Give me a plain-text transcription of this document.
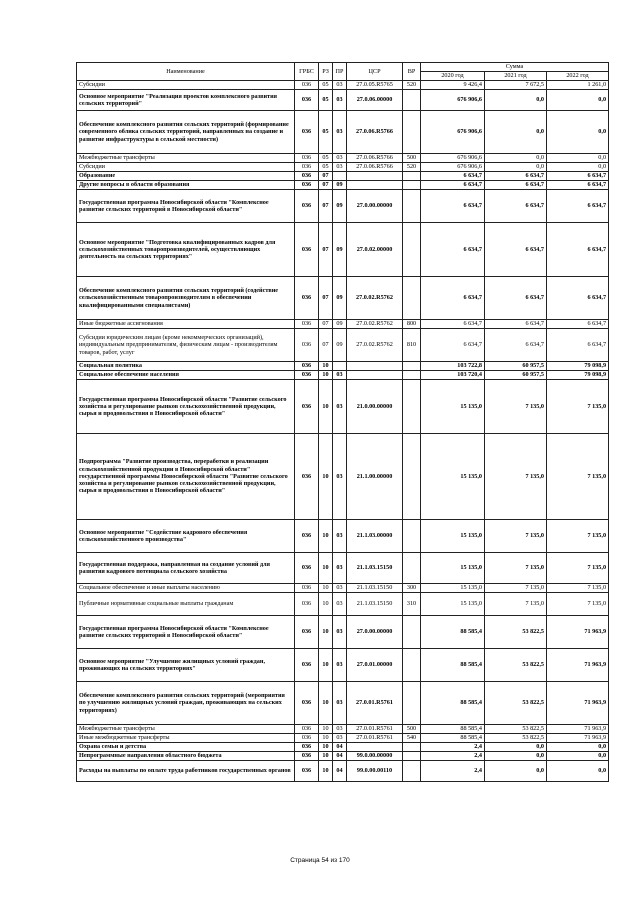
Наименование	ГРБС	РЗ	ПР	ЦСР	ВР	Сумма		
						2020 год	2021 год	2022 год
Субсидии	036	05	03	27.0.05.R5765	520	9 426,4	7 672,5	1 261,0
Основное мероприятие "Реализация проектов комплексного развития сельских территорий"	036	05	03	27.0.06.00000		676 906,6	0,0	0,0
Обеспечение комплексного развития сельских территорий (формирование современного облика сельских территорий, направленных на создание и развитие инфраструктуры в сельской местности)	036	05	03	27.0.06.R5766		676 906,6	0,0	0,0
Межбюджетные трансферты	036	05	03	27.0.06.R5766	500	676 906,6	0,0	0,0
Субсидии	036	05	03	27.0.06.R5766	520	676 906,6	0,0	0,0
Образование	036	07				6 634,7	6 634,7	6 634,7
Другие вопросы в области образования	036	07	09			6 634,7	6 634,7	6 634,7
Государственная программа Новосибирской области "Комплексное развитие сельских территорий в Новосибирской области"	036	07	09	27.0.00.00000		6 634,7	6 634,7	6 634,7
Основное мероприятие "Подготовка квалифицированных кадров для сельскохозяйственных товаропроизводителей, осуществляющих деятельность на сельских территориях"	036	07	09	27.0.02.00000		6 634,7	6 634,7	6 634,7
Обеспечение комплексного развития сельских территорий (содействие сельскохозяйственным товаропроизводителям в обеспечении квалифицированными специалистами)	036	07	09	27.0.02.R5762		6 634,7	6 634,7	6 634,7
Иные бюджетные ассигнования	036	07	09	27.0.02.R5762	800	6 634,7	6 634,7	6 634,7
Субсидии юридическим лицам (кроме некоммерческих организаций), индивидуальным предпринимателям, физическим лицам - производителям товаров, работ, услуг	036	07	09	27.0.02.R5762	810	6 634,7	6 634,7	6 634,7
Социальная политика	036	10				103 722,8	60 957,5	79 098,9
Социальное обеспечение населения	036	10	03			103 720,4	60 957,5	79 098,9
Государственная программа Новосибирской области "Развитие сельского хозяйства и регулирование рынков сельскохозяйственной продукции, сырья и продовольствия в Новосибирской области"	036	10	03	21.0.00.00000		15 135,0	7 135,0	7 135,0
Подпрограмма "Развитие производства, переработки и реализации сельскохозяйственной продукции в Новосибирской области" государственной программы Новосибирской области "Развитие сельского хозяйства и регулирование рынков сельскохозяйственной продукции, сырья и продовольствия в Новосибирской области"	036	10	03	21.1.00.00000		15 135,0	7 135,0	7 135,0
Основное мероприятие "Содействие кадрового обеспечения сельскохозяйственного производства"	036	10	03	21.1.03.00000		15 135,0	7 135,0	7 135,0
Государственная поддержка, направленная на создание условий для развития кадрового потенциала сельского хозяйства	036	10	03	21.1.03.15150		15 135,0	7 135,0	7 135,0
Социальное обеспечение и иные выплаты населению	036	10	03	21.1.03.15150	300	15 135,0	7 135,0	7 135,0
Публичные нормативные социальные выплаты гражданам	036	10	03	21.1.03.15150	310	15 135,0	7 135,0	7 135,0
Государственная программа Новосибирской области "Комплексное развитие сельских территорий в Новосибирской области"	036	10	03	27.0.00.00000		88 585,4	53 822,5	71 963,9
Основное мероприятие "Улучшение жилищных условий граждан, проживающих на сельских территориях"	036	10	03	27.0.01.00000		88 585,4	53 822,5	71 963,9
Обеспечение комплексного развития сельских территорий (мероприятия по улучшению жилищных условий граждан, проживающих на сельских территориях)	036	10	03	27.0.01.R5761		88 585,4	53 822,5	71 963,9
Межбюджетные трансферты	036	10	03	27.0.01.R5761	500	88 585,4	53 822,5	71 963,9
Иные межбюджетные трансферты	036	10	03	27.0.01.R5761	540	88 585,4	53 822,5	71 963,9
Охрана семьи и детства	036	10	04			2,4	0,0	0,0
Непрограммные направления областного бюджета	036	10	04	99.0.00.00000		2,4	0,0	0,0
Расходы на выплаты по оплате труда работников государственных органов	036	10	04	99.0.00.00110		2,4	0,0	0,0
Страница 54 из 170
